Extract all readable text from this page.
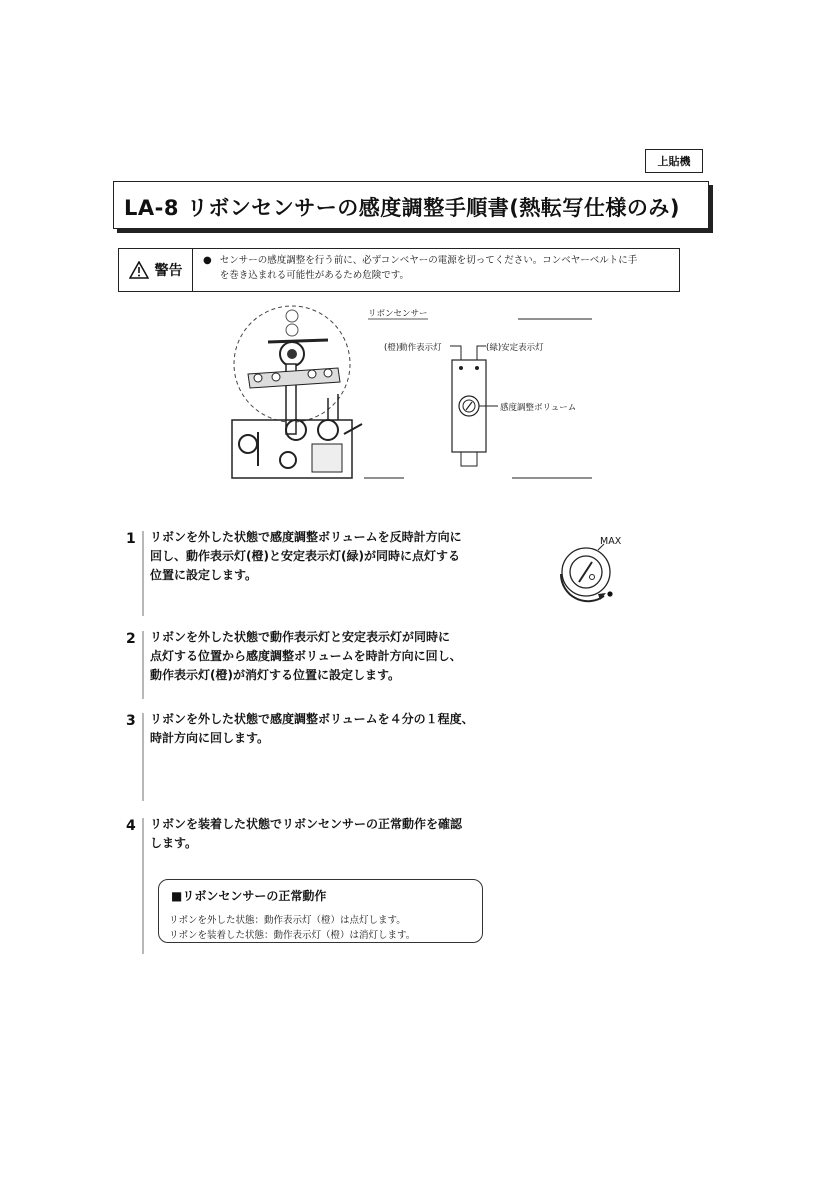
上貼機
LA-8 リボンセンサーの感度調整手順書(熱転写仕様のみ)
警告
● センサーの感度調整を行う前に、必ずコンベヤーの電源を切ってください。コンベヤーベルトに手
を巻き込まれる可能性があるため危険です。
リボンセンサー
(橙)動作表示灯	(緑)安定表示灯
感度調整ボリューム
1 リボンを外した状態で感度調整ボリュームを反時計方向に
回し、動作表示灯(橙)と安定表示灯(緑)が同時に点灯する
位置に設定します。
2 リボンを外した状態で動作表示灯と安定表示灯が同時に
点灯する位置から感度調整ボリュームを時計方向に回し、
動作表示灯(橙)が消灯する位置に設定します。
3 リボンを外した状態で感度調整ボリュームを４分の１程度、
時計方向に回します。
4 リボンを装着した状態でリボンセンサーの正常動作を確認
します。
■リボンセンサーの正常動作
リボンを外した状態：動作表示灯（橙）は点灯します。
リボンを装着した状態：動作表示灯（橙）は消灯します。
MAX
